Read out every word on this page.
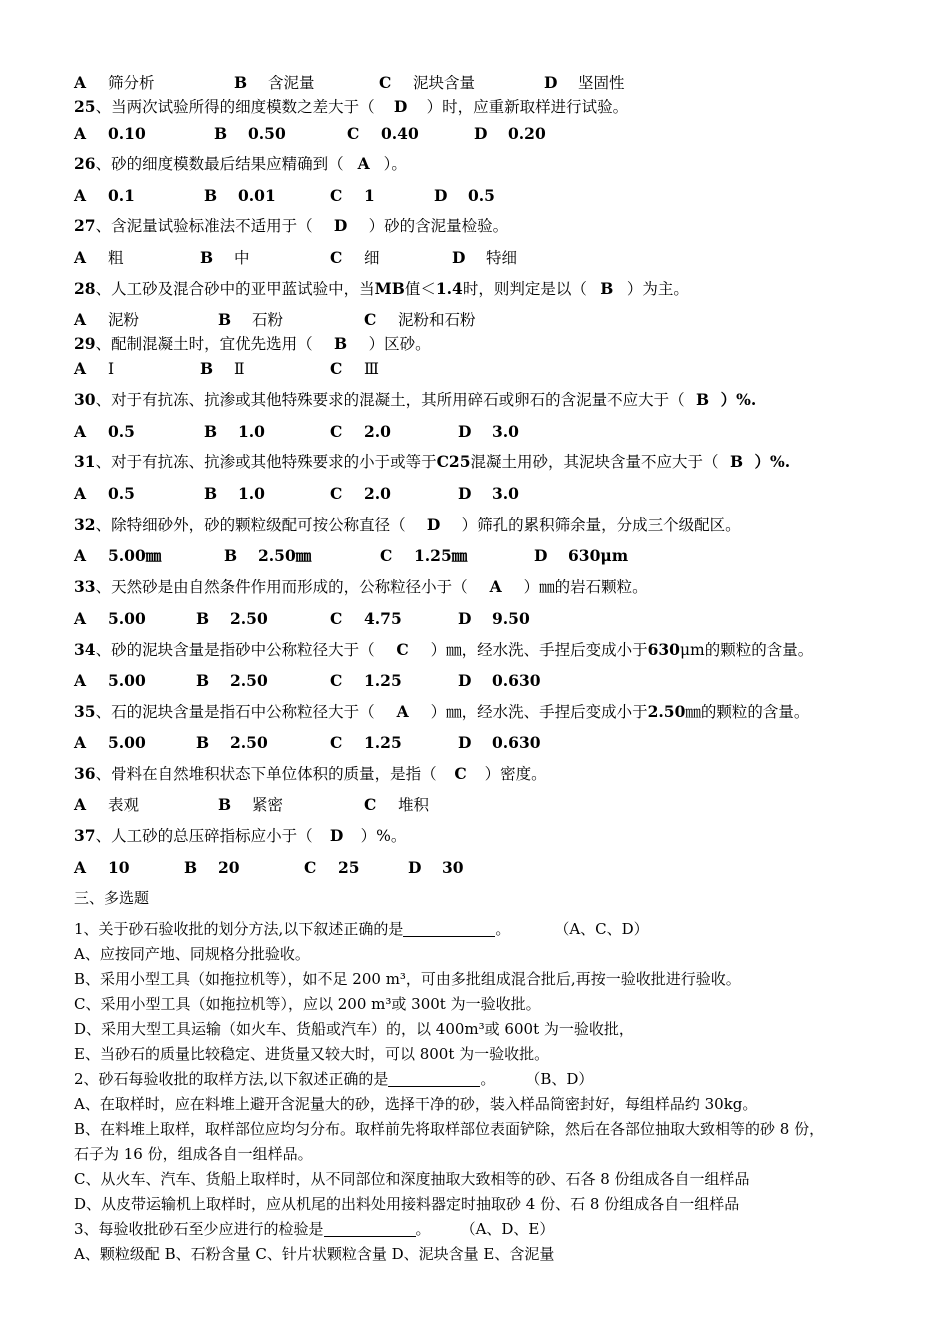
A 筛分析	B 含泥量	C 泥块含量	D 坚固性
25、当两次试验所得的细度模数之差大于（ D ）时，应重新取样进行试验。
A 0.10	B 0.50	C 0.40	D 0.20
26、砂的细度模数最后结果应精确到（ A ）。
A 0.1	B 0.01	C 1	D 0.5
27、含泥量试验标准法不适用于（ D ）砂的含泥量检验。
A 粗	B 中	C 细	D 特细
28、人工砂及混合砂中的亚甲蓝试验中，当MB值＜1.4时，则判定是以（ B ）为主。
A 泥粉	B 石粉	C 泥粉和石粉
29、配制混凝土时，宜优先选用（ B ）区砂。
A Ⅰ	B Ⅱ	C Ⅲ
30、对于有抗冻、抗渗或其他特殊要求的混凝土，其所用碎石或卵石的含泥量不应大于（ B ）%.
A 0.5	B 1.0	C 2.0	D 3.0
31、对于有抗冻、抗渗或其他特殊要求的小于或等于C25混凝土用砂，其泥块含量不应大于（ B ）%.
A 0.5	B 1.0	C 2.0	D 3.0
32、除特细砂外，砂的颗粒级配可按公称直径（ D ）筛孔的累积筛余量，分成三个级配区。
A 5.00㎜	B 2.50㎜	C 1.25㎜	D 630μm
33、天然砂是由自然条件作用而形成的，公称粒径小于（ A ）㎜的岩石颗粒。
A 5.00	B 2.50	C 4.75	D 9.50
34、砂的泥块含量是指砂中公称粒径大于（ C ）㎜，经水洗、手捏后变成小于630μm的颗粒的含量。
A 5.00	B 2.50	C 1.25	D 0.630
35、石的泥块含量是指石中公称粒径大于（ A ）㎜，经水洗、手捏后变成小于2.50㎜的颗粒的含量。
A 5.00	B 2.50	C 1.25	D 0.630
36、骨料在自然堆积状态下单位体积的质量，是指（ C ）密度。
A 表观	B 紧密	C 堆积
37、人工砂的总压碎指标应小于（ D ）%。
A 10	B 20	C 25	D 30
三、多选题
1、关于砂石验收批的划分方法,以下叙述正确的是	。	（A、C、D）
A、应按同产地、同规格分批验收。
B、采用小型工具（如拖拉机等），如不足 200 m³，可由多批组成混合批后,再按一验收批进行验收。
C、采用小型工具（如拖拉机等），应以 200 m³或 300t 为一验收批。
D、采用大型工具运输（如火车、货船或汽车）的，以 400m³或 600t 为一验收批，
E、当砂石的质量比较稳定、进货量又较大时，可以 800t 为一验收批。
2、砂石每验收批的取样方法,以下叙述正确的是	。 （B、D）
A、在取样时，应在料堆上避开含泥量大的砂，选择干净的砂，装入样品筒密封好，每组样品约 30kg。
B、在料堆上取样，取样部位应均匀分布。取样前先将取样部位表面铲除，然后在各部位抽取大致相等的砂 8 份，
石子为 16 份，组成各自一组样品。
C、从火车、汽车、货船上取样时，从不同部位和深度抽取大致相等的砂、石各 8 份组成各自一组样品
D、从皮带运输机上取样时，应从机尾的出料处用接料器定时抽取砂 4 份、石 8 份组成各自一组样品
3、每验收批砂石至少应进行的检验是	。 （A、D、E）
A、颗粒级配 B、石粉含量 C、针片状颗粒含量 D、泥块含量 E、含泥量
